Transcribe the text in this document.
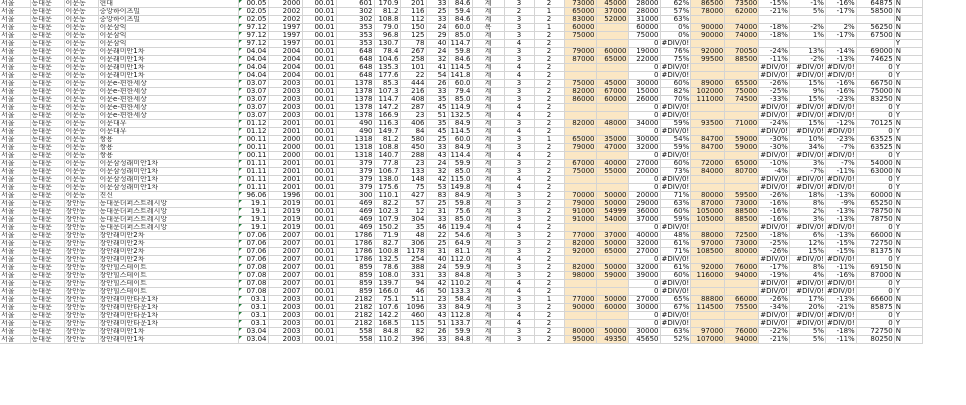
서울	동대문	이문동	현대	00.05	2000	00.01	601	170.9	201	33	84.6	계	3	2	73000	45000	28000	62%	86500	73500	-15%	-1%	-16%	64875	N
서울	동대문	이문동	중앙하이츠빌	02.05	2002	00.01	302	81.2	116	25	59.4	계	2	1	65000	37000	28000	57%	78000	62000	-21%	5%	-17%	58500	N
서울	동대문	이문동	중앙하이츠빌	02.05	2002	00.01	302	108.8	112	33	84.6	계	3	2	83000	52000	31000	63%							N
서울	동대문	이문동	이문삼익	97.12	1997	00.01	353	79.0	150	24	60.0	복	3	1	60000		60000	0%	90000	74000	-18%	-2%	2%	56250	N
서울	동대문	이문동	이문삼익	97.12	1997	00.01	353	96.8	125	29	85.0	계	3	2	75000		75000	0%	90000	74000	-18%	1%	-17%	67500	N
서울	동대문	이문동	이문삼익	97.12	1997	00.01	353	130.7	78	40	114.7	계	4	2			0	#DIV/0!							Y
서울	동대문	이문동	이문래미안1차	04.04	2004	00.01	648	78.4	267	24	59.8	계	3	2	79000	60000	19000	76%	92000	70050	-24%	13%	-14%	69000	N
서울	동대문	이문동	이문래미안1차	04.04	2004	00.01	648	104.6	258	32	84.6	계	3	2	87000	65000	22000	75%	99500	88500	-11%	-2%	-13%	74625	N
서울	동대문	이문동	이문래미안1차	04.04	2004	00.01	648	135.3	101	41	114.5	계	4	2			0	#DIV/0!			#DIV/0!	#DIV/0!	#DIV/0!	0	Y
서울	동대문	이문동	이문래미안1차	04.04	2004	00.01	648	177.6	22	54	141.8	계	4	2			0	#DIV/0!			#DIV/0!	#DIV/0!	#DIV/0!	0	Y
서울	동대문	이문동	이문e-편한세상	03.07	2003	00.01	1378	85.3	444	26	60.0	계	3	2	75000	45000	30000	60%	89000	65500	-26%	15%	-16%	66750	N
서울	동대문	이문동	이문e-편한세상	03.07	2003	00.01	1378	107.3	216	33	79.4	계	3	2	82000	67000	15000	82%	102000	75000	-25%	9%	-16%	75000	N
서울	동대문	이문동	이문e-편한세상	03.07	2003	00.01	1378	114.7	408	35	85.0	계	3	2	86000	60000	26000	70%	111000	74500	-33%	15%	-23%	83250	N
서울	동대문	이문동	이문e-편한세상	03.07	2003	00.01	1378	147.2	287	45	114.9	계	4	2			0	#DIV/0!			#DIV/0!	#DIV/0!	#DIV/0!	0	Y
서울	동대문	이문동	이문e-편한세상	03.07	2003	00.01	1378	166.9	23	51	132.5	계	4	2			0	#DIV/0!			#DIV/0!	#DIV/0!	#DIV/0!	0	Y
서울	동대문	이문동	이문대우	01.12	2001	00.01	490	116.3	406	35	84.9	계	3	2	82000	48000	34000	59%	93500	71000	-24%	15%	-12%	70125	N
서울	동대문	이문동	이문대우	01.12	2001	00.01	490	149.7	84	45	114.5	계	4	2			0	#DIV/0!			#DIV/0!	#DIV/0!	#DIV/0!	0	Y
서울	동대문	이문동	쌍용	00.11	2000	00.01	1318	81.2	580	25	60.0	계	3	1	65000	35000	30000	54%	84700	59000	-30%	10%	-23%	63525	N
서울	동대문	이문동	쌍용	00.11	2000	00.01	1318	108.8	450	33	84.9	계	3	2	79000	47000	32000	59%	84700	59000	-30%	34%	-7%	63525	N
서울	동대문	이문동	쌍용	00.11	2000	00.01	1318	140.7	288	43	114.4	계	4	2			0	#DIV/0!			#DIV/0!	#DIV/0!	#DIV/0!	0	Y
서울	동대문	이문동	이문삼성래미안1차	01.11	2001	00.01	379	77.8	23	24	59.9	계	3	2	67000	40000	27000	60%	72000	65000	-10%	3%	-7%	54000	N
서울	동대문	이문동	이문삼성래미안1차	01.11	2001	00.01	379	106.7	133	32	85.0	계	3	2	75000	55000	20000	73%	84000	80700	-4%	-7%	-11%	63000	N
서울	동대문	이문동	이문삼성래미안1차	01.11	2001	00.01	379	138.0	148	42	115.0	계	4	2			0	#DIV/0!			#DIV/0!	#DIV/0!	#DIV/0!	0	Y
서울	동대문	이문동	이문삼성래미안1차	01.11	2001	00.01	379	175.6	75	53	149.8	계	4	2			0	#DIV/0!			#DIV/0!	#DIV/0!	#DIV/0!	0	Y
서울	동대문	이문동	진신	96.06	1996	00.01	300	110.1	427	83	84.9	계	3	2	70000	50000	20000	71%	80000	59500	-26%	18%	-13%	60000	N
서울	동대문	장안동	동대문더퍼스트레시앙	19.1	2019	00.01	469	82.2	57	25	59.8	계	3	2	79000	50000	29000	63%	87000	73000	-16%	8%	-9%	65250	N
서울	동대문	장안동	동대문더퍼스트레시앙	19.1	2019	00.01	469	102.3	12	31	75.6	계	3	2	91000	54999	36000	60%	105000	88500	-16%	2%	-13%	78750	N
서울	동대문	장안동	동대문더퍼스트레시앙	19.1	2019	00.01	469	107.9	304	33	85.0	계	3	2	91000	54000	37000	59%	105000	88500	-16%	3%	-13%	78750	N
서울	동대문	장안동	동대문더퍼스트레시앙	19.1	2019	00.01	469	150.2	35	46	119.4	계	4	2			0	#DIV/0!			#DIV/0!	#DIV/0!	#DIV/0!	0	Y
서울	동대문	장안동	장안래미안2차	07.06	2007	00.01	1786	71.9	48	22	54.6	계	3	2	77000	37000	40000	48%	88000	72500	-18%	6%	-13%	66000	N
서울	동대문	장안동	장안래미안2차	07.06	2007	00.01	1786	82.7	306	25	64.9	계	3	2	82000	50000	32000	61%	97000	73000	-25%	12%	-15%	72750	N
서울	동대문	장안동	장안래미안2차	07.06	2007	00.01	1786	100.8	1178	31	81.1	계	3	2	92000	65000	27000	71%	108500	80000	-26%	15%	-15%	81375	N
서울	동대문	장안동	장안래미안2차	07.06	2007	00.01	1786	132.5	254	40	112.0	계	4	2			0	#DIV/0!			#DIV/0!	#DIV/0!	#DIV/0!	0	Y
서울	동대문	장안동	장안힐스테이트	07.08	2007	00.01	859	78.6	388	24	59.9	계	3	2	82000	50000	32000	61%	92000	76000	-17%	8%	-11%	69150	N
서울	동대문	장안동	장안힐스테이트	07.08	2007	00.01	859	108.0	331	33	84.8	계	3	2	98000	59000	39000	60%	116000	94000	-19%	4%	-16%	87000	N
서울	동대문	장안동	장안힐스테이트	07.08	2007	00.01	859	139.7	94	42	110.2	계	4	2			0	#DIV/0!			#DIV/0!	#DIV/0!	#DIV/0!	0	Y
서울	동대문	장안동	장안힐스테이트	07.08	2007	00.01	859	166.0	46	50	133.3	계	4	2			0	#DIV/0!			#DIV/0!	#DIV/0!	#DIV/0!	0	Y
서울	동대문	장안동	장안래미안타운1차	03.1	2003	00.01	2182	75.1	511	23	58.4	계	3	1	77000	50000	27000	65%	88800	66000	-26%	17%	-13%	66600	N
서울	동대문	장안동	장안래미안타운1차	03.1	2003	00.01	2182	107.6	1096	33	84.9	계	3	2	90000	60000	30000	67%	114500	75500	-34%	20%	-21%	85875	N
서울	동대문	장안동	장안래미안타운1차	03.1	2003	00.01	2182	142.2	460	43	112.8	계	4	2			0	#DIV/0!			#DIV/0!	#DIV/0!	#DIV/0!	0	Y
서울	동대문	장안동	장안래미안타운1차	03.1	2003	00.01	2182	168.5	115	51	133.7	계	4	2			0	#DIV/0!			#DIV/0!	#DIV/0!	#DIV/0!	0	Y
서울	동대문	장안동	장안래미안1차	03.04	2003	00.01	558	84.8	82	26	59.9	계	3	2	80000	50000	30000	63%	97000	76000	-22%	5%	-18%	72750	N
서울	동대문	장안동	장안래미안1차	03.04	2003	00.01	558	110.2	396	33	84.8	계	3	2	95000	49350	45650	52%	107000	94000	-21%	5%	-11%	80250	N
